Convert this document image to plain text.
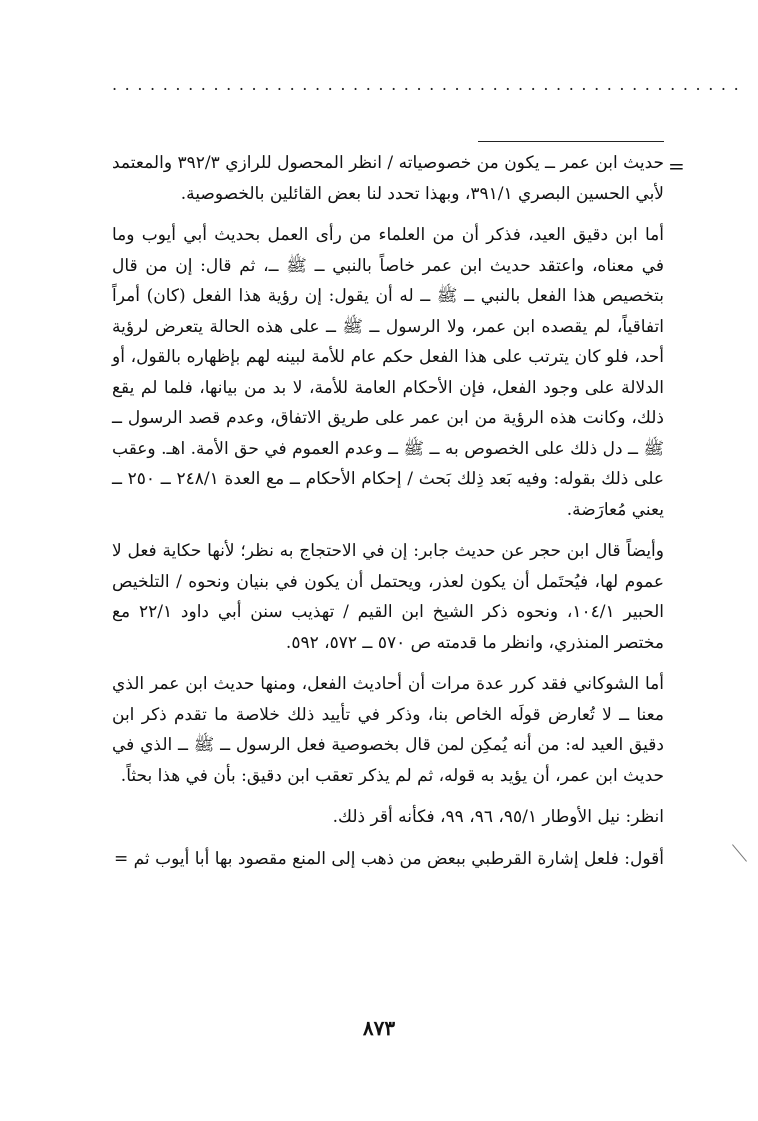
..................................................
=

حديث ابن عمر ــ يكون من خصوصياته / انظر المحصول للرازي ٣٩٢/٣ والمعتمد لأبي الحسين البصري ٣٩١/١، وبهذا تحدد لنا بعض القائلين بالخصوصية.

أما ابن دقيق العيد، فذكر أن من العلماء من رأى العمل بحديث أبي أيوب وما في معناه، واعتقد حديث ابن عمر خاصاً بالنبي ــ ﷺ ــ، ثم قال: إن من قال بتخصيص هذا الفعل بالنبي ــ ﷺ ــ له أن يقول: إن رؤية هذا الفعل (كان) أمراً اتفاقياً، لم يقصده ابن عمر، ولا الرسول ــ ﷺ ــ على هذه الحالة يتعرض لرؤية أحد، فلو كان يترتب على هذا الفعل حكم عام للأمة لبينه لهم بإظهاره بالقول، أو الدلالة على وجود الفعل، فإن الأحكام العامة للأمة، لا بد من بيانها، فلما لم يقع ذلك، وكانت هذه الرؤية من ابن عمر على طريق الاتفاق، وعدم قصد الرسول ــ ﷺ ــ دل ذلك على الخصوص به ــ ﷺ ــ وعدم العموم في حق الأمة. اهـ. وعقب على ذلك بقوله: وفيه بَعد ذِلك بَحث / إحكام الأحكام ــ مع العدة ٢٤٨/١ ــ ٢٥٠ ــ يعني مُعارَضة.

وأيضاً قال ابن حجر عن حديث جابر: إن في الاحتجاج به نظر؛ لأنها حكاية فعل لا عموم لها، فيُحتَمل أن يكون لعذر، ويحتمل أن يكون في بنيان ونحوه / التلخيص الحبير ١٠٤/١، ونحوه ذكر الشيخ ابن القيم / تهذيب سنن أبي داود ٢٢/١ مع مختصر المنذري، وانظر ما قدمته ص ٥٧٠ ــ ٥٧٢، ٥٩٢.

أما الشوكاني فقد كرر عدة مرات أن أحاديث الفعل، ومنها حديث ابن عمر الذي معنا ــ لا تُعارض قولَه الخاص بنا، وذكر في تأييد ذلك خلاصة ما تقدم ذكر ابن دقيق العيد له: من أنه يُمكِن لمن قال بخصوصية فعل الرسول ــ ﷺ ــ الذي في حديث ابن عمر، أن يؤيد به قوله، ثم لم يذكر تعقب ابن دقيق: بأن في هذا بحثاً.

انظر: نيل الأوطار ٩٥/١، ٩٦، ٩٩، فكأنه أقر ذلك.

أقول: فلعل إشارة القرطبي ببعض من ذهب إلى المنع مقصود بها أبا أيوب ثم =

٨٧٣
